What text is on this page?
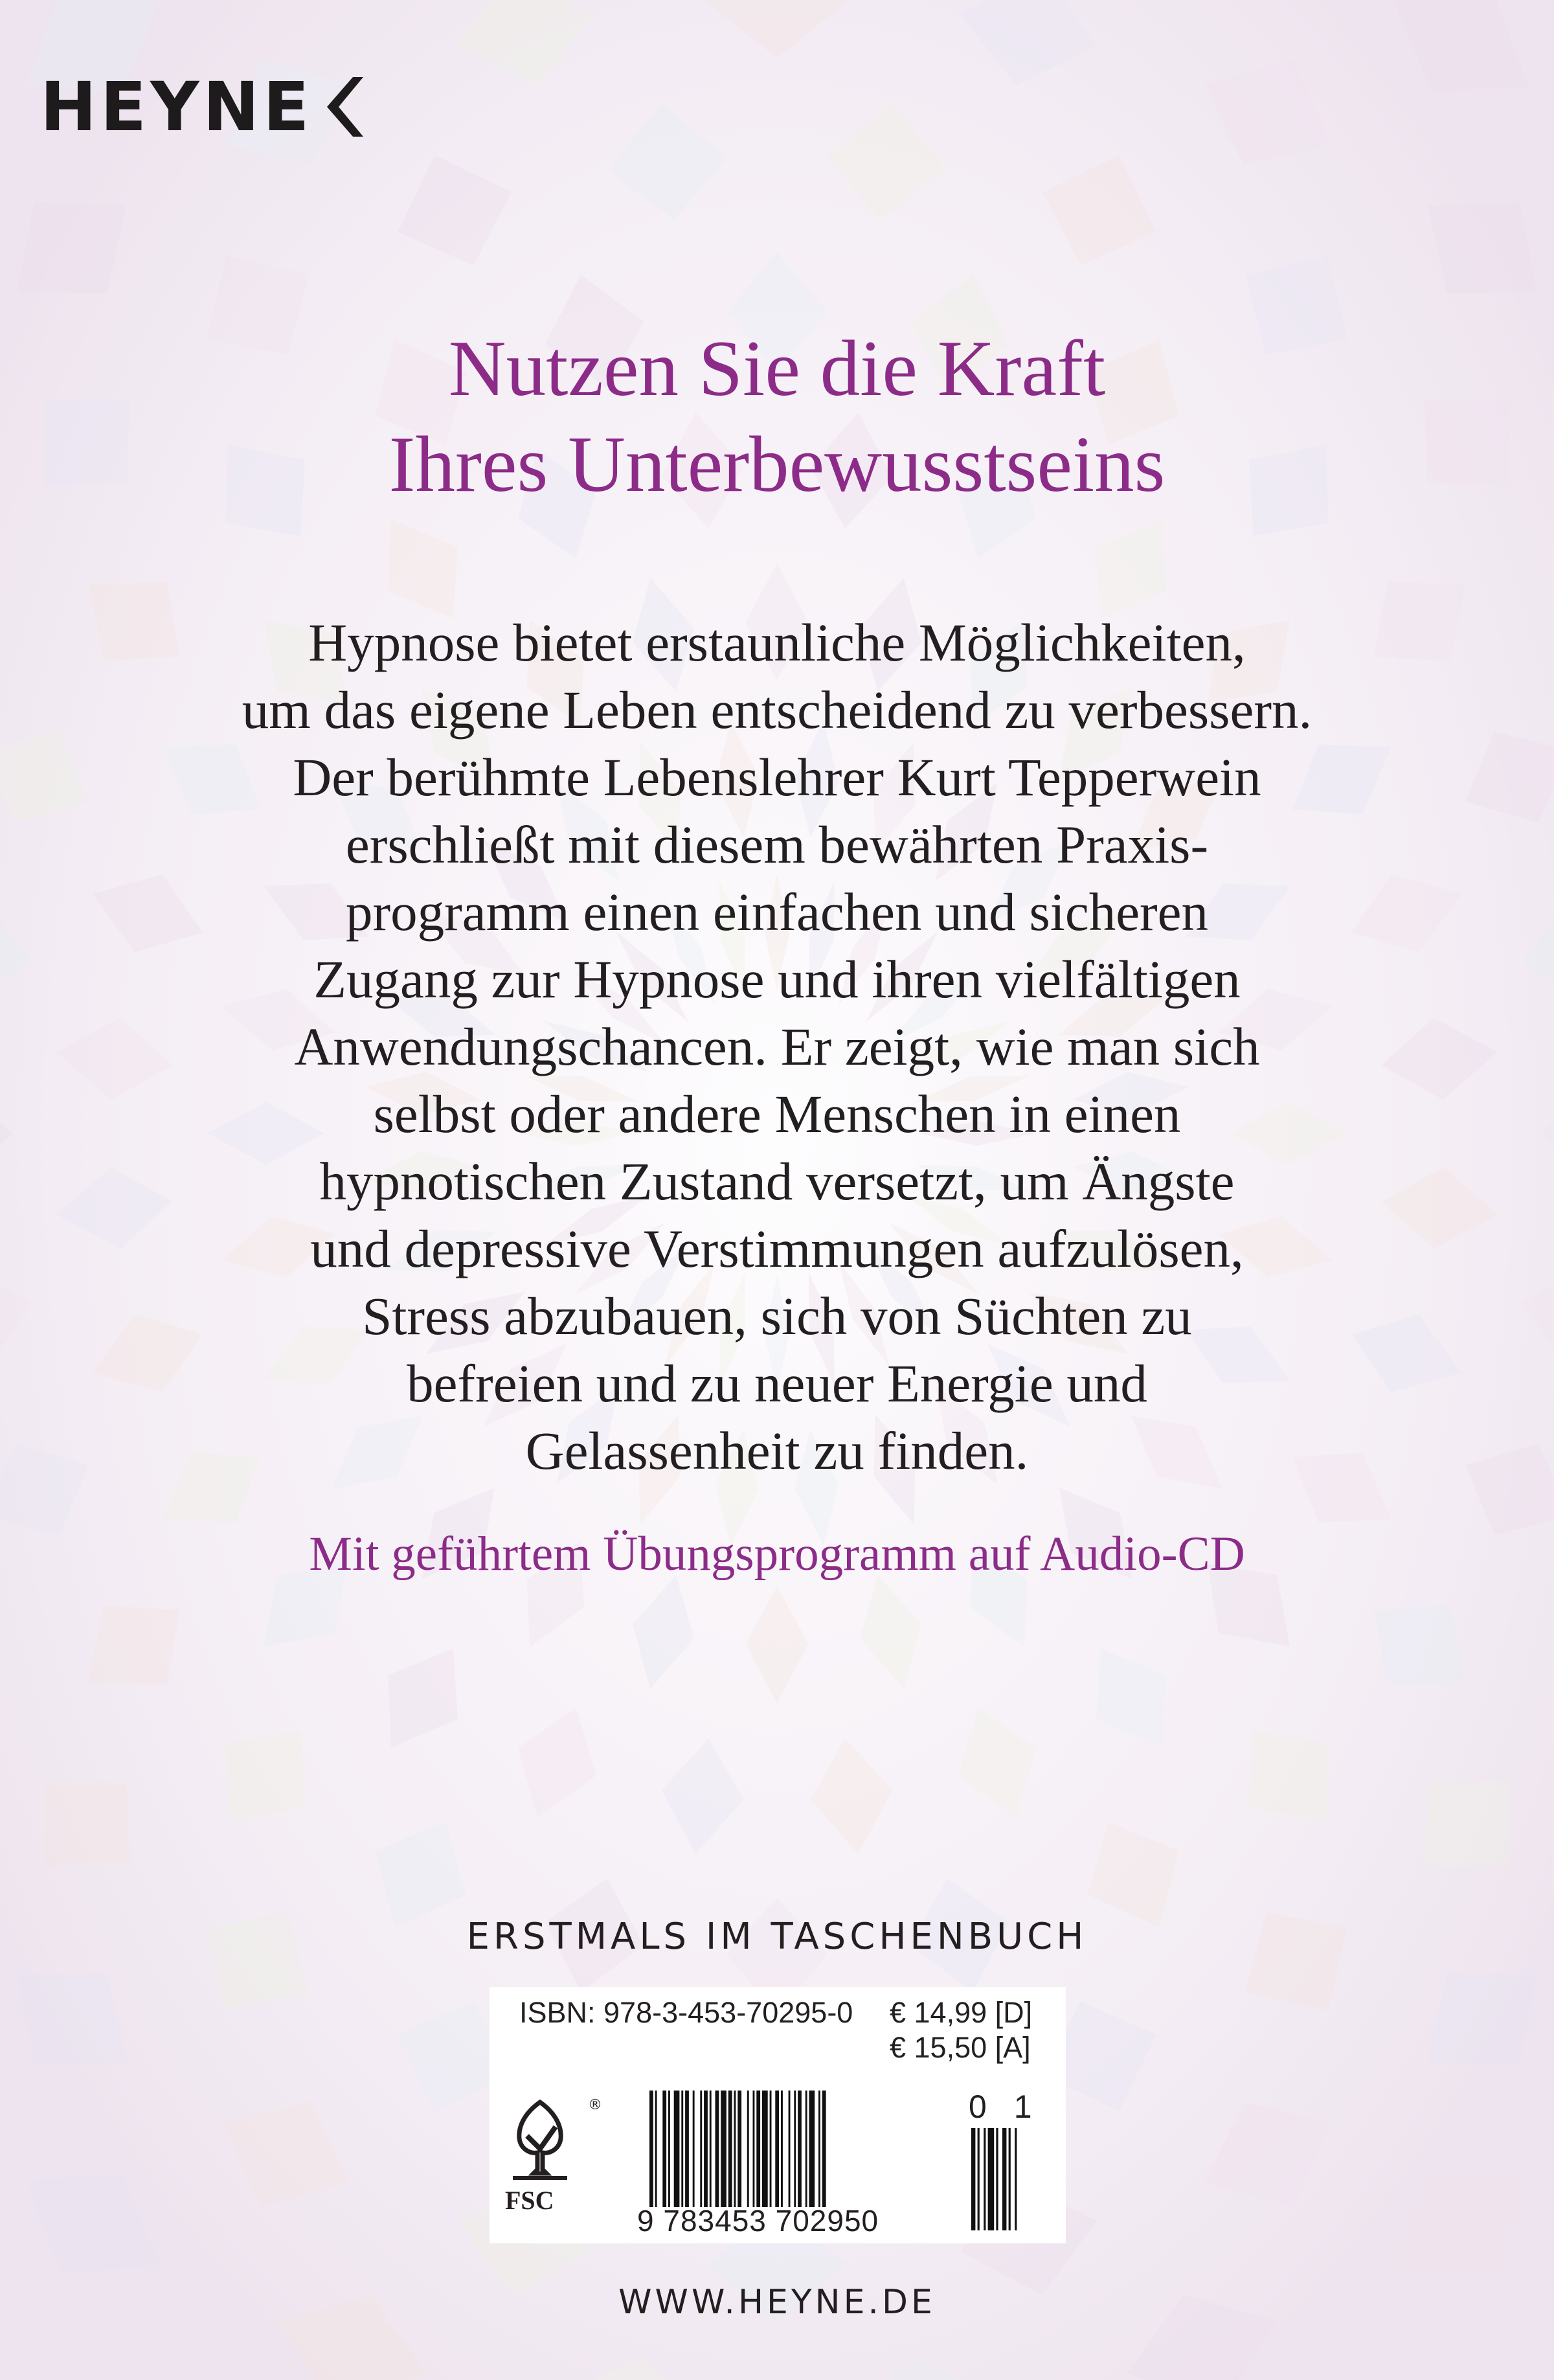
HEYNE
Nutzen Sie die Kraft
Ihres Unterbewusstseins
Hypnose bietet erstaunliche Möglichkeiten,
um das eigene Leben entscheidend zu verbessern.
Der berühmte Lebenslehrer Kurt Tepperwein
erschließt mit diesem bewährten Praxis-
programm einen einfachen und sicheren
Zugang zur Hypnose und ihren vielfältigen
Anwendungschancen. Er zeigt, wie man sich
selbst oder andere Menschen in einen
hypnotischen Zustand versetzt, um Ängste
und depressive Verstimmungen aufzulösen,
Stress abzubauen, sich von Süchten zu
befreien und zu neuer Energie und
Gelassenheit zu finden.
Mit geführtem Übungsprogramm auf Audio-CD
ERSTMALS IM TASCHENBUCH
ISBN: 978-3-453-70295-0 € 14,99 [D]
€ 15,50 [A]
FSC
®
9 783453 702950
0 1
WWW.HEYNE.DE
